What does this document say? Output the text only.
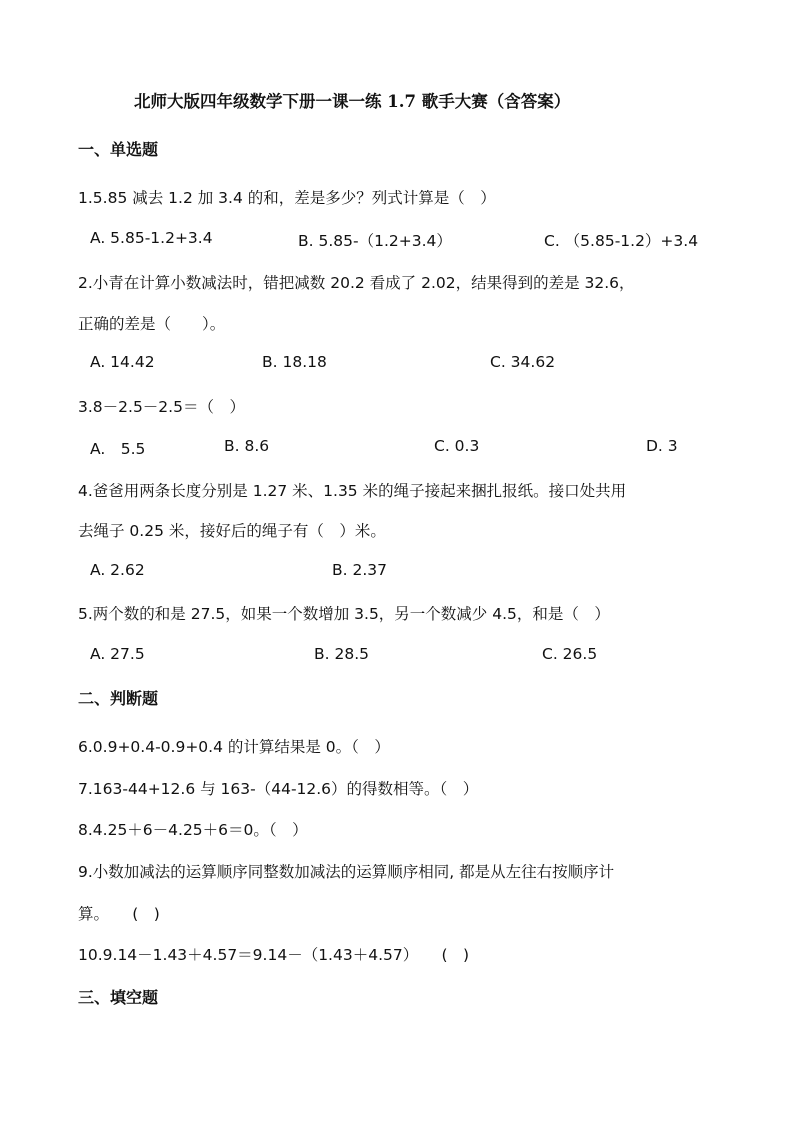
北师大版四年级数学下册一课一练 1.7 歌手大赛（含答案）
一、单选题
1.5.85 减去 1.2 加 3.4 的和，差是多少？列式计算是（　）
A. 5.85-1.2+3.4	B. 5.85-（1.2+3.4）	C. （5.85-1.2）+3.4
2.小青在计算小数减法时，错把减数 20.2 看成了 2.02，结果得到的差是 32.6，
正确的差是（　　）。
A. 14.42	B. 18.18	C. 34.62
3.8－2.5－2.5＝（　）
A.　5.5	B. 8.6	C. 0.3	D. 3
4.爸爸用两条长度分别是 1.27 米、1.35 米的绳子接起来捆扎报纸。接口处共用
去绳子 0.25 米，接好后的绳子有（　）米。
A. 2.62	B. 2.37
5.两个数的和是 27.5，如果一个数增加 3.5，另一个数减少 4.5，和是（　）
A. 27.5	B. 28.5	C. 26.5
二、判断题
6.0.9+0.4-0.9+0.4 的计算结果是 0。（　）
7.163-44+12.6 与 163-（44-12.6）的得数相等。（　）
8.4.25＋6－4.25＋6＝0。（　）
9.小数加减法的运算顺序同整数加减法的运算顺序相同, 都是从左往右按顺序计
算。　　(　)
10.9.14－1.43＋4.57＝9.14－（1.43＋4.57）　　(　)
三、填空题
